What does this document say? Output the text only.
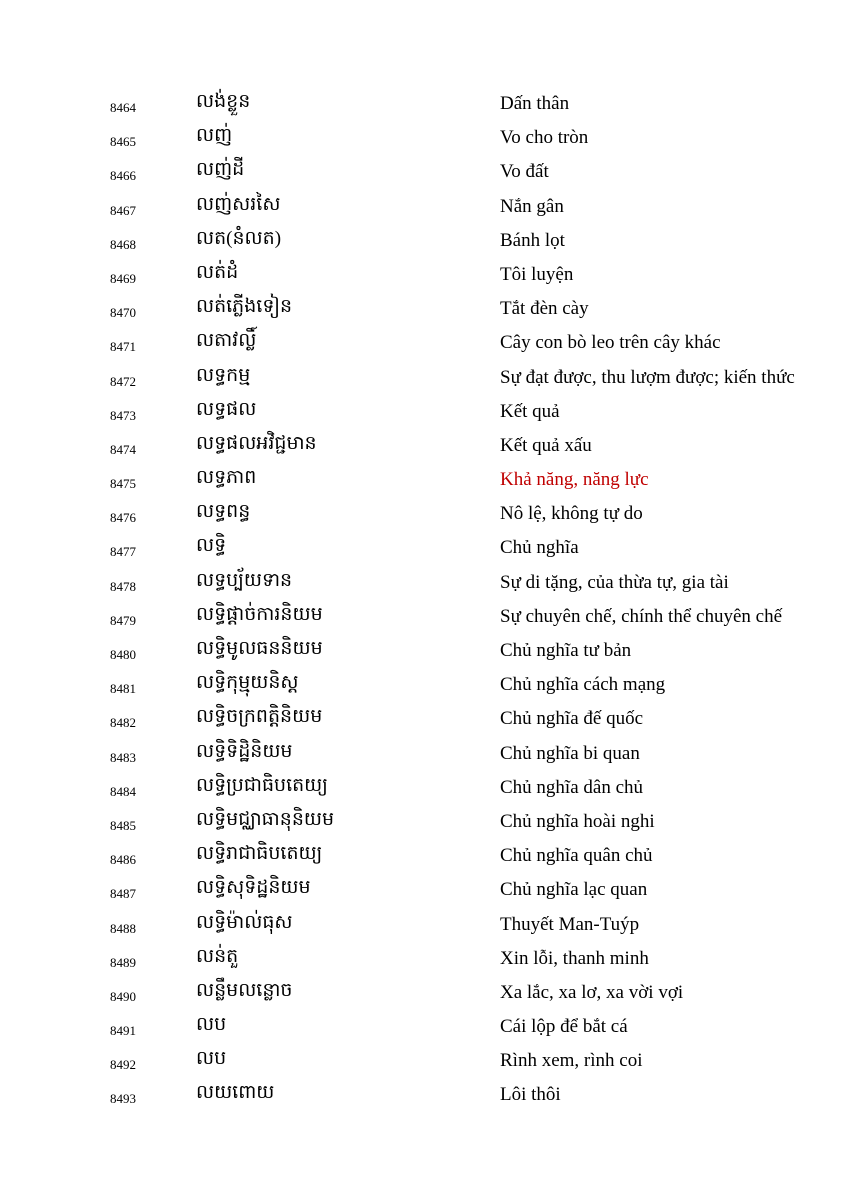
8464	លង់ខ្លួន	Dấn thân
8465	លញ់	Vo cho tròn
8466	លញ់ដី	Vo đất
8467	លញ់សរសៃ	Nắn gân
8468	លត(នំលត)	Bánh lọt
8469	លត់ដំ	Tôi luyện
8470	លត់ភ្លើងទៀន	Tắt đèn cày
8471	លតាវល្លិ៍	Cây con bò leo trên cây khác
8472	លទ្ធកម្ម	Sự đạt được, thu lượm được; kiến thức
8473	លទ្ធផល	Kết quả
8474	លទ្ធផលអវិជ្ជមាន	Kết quả xấu
8475	លទ្ធភាព	Khả năng, năng lực
8476	លទ្ធពន្ធ	Nô lệ, không tự do
8477	លទ្ធិ	Chủ nghĩa
8478	លទ្ធប្ប័យទាន	Sự di tặng, của thừa tự, gia tài
8479	លទ្ធិផ្តាច់ការនិយម	Sự chuyên chế, chính thể chuyên chế
8480	លទ្ធិមូលធននិយម	Chủ nghĩa tư bản
8481	លទ្ធិកុម្មុយនិស្ត	Chủ nghĩa cách mạng
8482	លទ្ធិចក្រពត្តិនិយម	Chủ nghĩa đế quốc
8483	លទ្ធិទិដ្ឋិនិយម	Chủ nghĩa bi quan
8484	លទ្ធិប្រជាធិបតេយ្យ	Chủ nghĩa dân chủ
8485	លទ្ធិមជ្ឈាធានុនិយម	Chủ nghĩa hoài nghi
8486	លទ្ធិរាជាធិបតេយ្យ	Chủ nghĩa quân chủ
8487	លទ្ធិសុទិដ្ឋនិយម	Chủ nghĩa lạc quan
8488	លទ្ធិម៉ាល់ធុស	Thuyết Man-Tuýp
8489	លន់តួ	Xin lỗi, thanh minh
8490	លន្លឹមលន្លោច	Xa lắc, xa lơ, xa vời vợi
8491	លប	Cái lộp để bắt cá
8492	លប	Rình xem, rình coi
8493	លយពោយ	Lôi thôi
